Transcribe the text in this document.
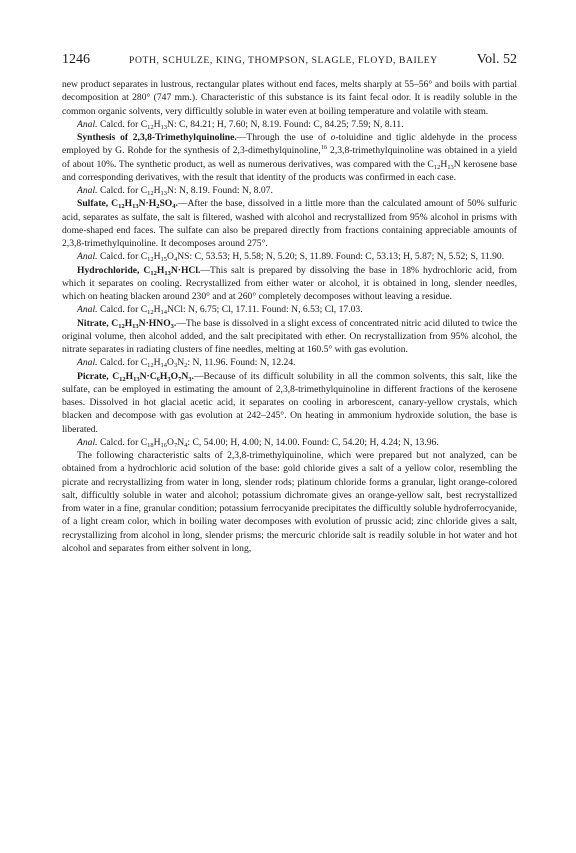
1246	POTH, SCHULZE, KING, THOMPSON, SLAGLE, FLOYD, BAILEY	Vol. 52

new product separates in lustrous, rectangular plates without end faces, melts sharply at 55–56° and boils with partial decomposition at 280° (747 mm.). Characteristic of this substance is its faint fecal odor. It is readily soluble in the common organic solvents, very difficultly soluble in water even at boiling temperature and volatile with steam.

Anal. Calcd. for $C_{12}H_{13}N$: C, 84.21; H, 7.60; N, 8.19. Found: C, 84.25; 7.59; N, 8.11.

Synthesis of 2,3,8-Trimethylquinoline.—Through the use of o-toluidine and tiglic aldehyde in the process employed by G. Rohde for the synthesis of 2,3-dimethylquinoline,$^{16}$ 2,3,8-trimethylquinoline was obtained in a yield of about 10%. The synthetic product, as well as numerous derivatives, was compared with the $C_{12}H_{13}N$ kerosene base and corresponding derivatives, with the result that identity of the products was confirmed in each case.

Anal. Calcd. for $C_{12}H_{13}N$: N, 8.19. Found: N, 8.07.

Sulfate, $C_{12}H_{13}N\cdot H_2SO_4.—After$ the base, dissolved in a little more than the calculated amount of 50% sulfuric acid, separates as sulfate, the salt is filtered, washed with alcohol and recrystallized from 95% alcohol in prisms with dome-shaped end faces. The sulfate can also be prepared directly from fractions containing appreciable amounts of 2,3,8-trimethylquinoline. It decomposes around 275°.

Anal. Calcd. for $C_{12}H_{15}O_4NS$: C, 53.53; H, 5.58; N, 5.20; S, 11.89. Found: C, 53.13; H, 5.87; N, 5.52; S, 11.90.

Hydrochloride, $C_{12}H_{13}N\cdot HCl.—This$ salt is prepared by dissolving the base in 18% hydrochloric acid, from which it separates on cooling. Recrystallized from either water or alcohol, it is obtained in long, slender needles, which on heating blacken around 230° and at 260° completely decomposes without leaving a residue.

Anal. Calcd. for $C_{12}H_{14}NCl$: N, 6.75; Cl, 17.11. Found: N, 6.53; Cl, 17.03.

Nitrate, $C_{12}H_{13}N\cdot HNO_3.—The$ base is dissolved in a slight excess of concentrated nitric acid diluted to twice the original volume, then alcohol added, and the salt precipitated with ether. On recrystallization from 95% alcohol, the nitrate separates in radiating clusters of fine needles, melting at 160.5° with gas evolution.

Anal. Calcd. for $C_{12}H_{14}O_3N_2$: N, 11.96. Found: N, 12.24.

Picrate, $C_{12}H_{13}N\cdot C_6H_3O_7N_3.—Because$ of its difficult solubility in all the common solvents, this salt, like the sulfate, can be employed in estimating the amount of 2,3,8-trimethylquinoline in different fractions of the kerosene bases. Dissolved in hot glacial acetic acid, it separates on cooling in arborescent, canary-yellow crystals, which blacken and decompose with gas evolution at 242–245°. On heating in ammonium hydroxide solution, the base is liberated.

Anal. Calcd. for $C_{18}H_{16}O_7N_4$: C, 54.00; H, 4.00; N, 14.00. Found: C, 54.20; H, 4.24; N, 13.96.

The following characteristic salts of 2,3,8-trimethylquinoline, which were prepared but not analyzed, can be obtained from a hydrochloric acid solution of the base: gold chloride gives a salt of a yellow color, resembling the picrate and recrystallizing from water in long, slender rods; platinum chloride forms a granular, light orange-colored salt, difficultly soluble in water and alcohol; potassium dichromate gives an orange-yellow salt, best recrystallized from water in a fine, granular condition; potassium ferrocyanide precipitates the difficultly soluble hydroferrocyanide, of a light cream color, which in boiling water decomposes with evolution of prussic acid; zinc chloride gives a salt, recrystallizing from alcohol in long, slender prisms; the mercuric chloride salt is readily soluble in hot water and hot alcohol and separates from either solvent in long,
